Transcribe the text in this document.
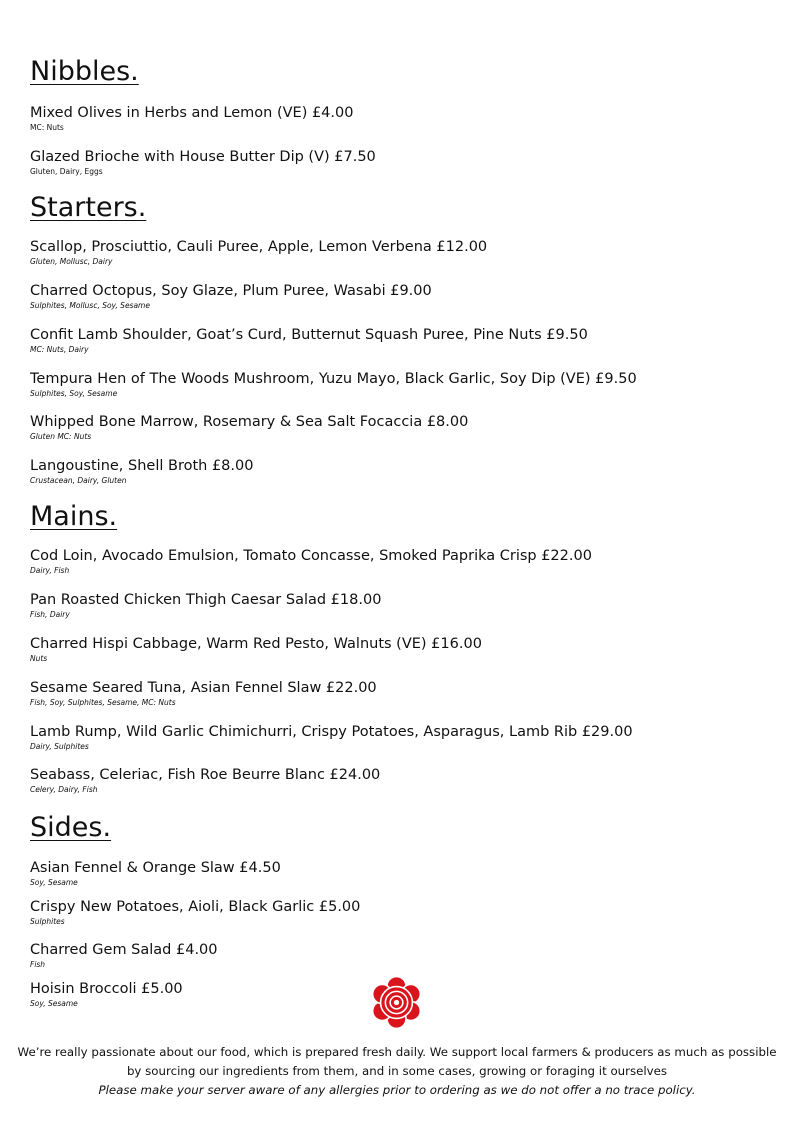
Nibbles.
Mixed Olives in Herbs and Lemon (VE) £4.00
MC: Nuts
Glazed Brioche with House Butter Dip (V) £7.50
Gluten, Dairy, Eggs
Starters.
Scallop, Prosciuttio, Cauli Puree, Apple, Lemon Verbena £12.00
Gluten, Mollusc, Dairy
Charred Octopus, Soy Glaze, Plum Puree, Wasabi £9.00
Sulphites, Mollusc, Soy, Sesame
Confit Lamb Shoulder, Goat’s Curd, Butternut Squash Puree, Pine Nuts £9.50
MC: Nuts, Dairy
Tempura Hen of The Woods Mushroom, Yuzu Mayo, Black Garlic, Soy Dip (VE) £9.50
Sulphites, Soy, Sesame
Whipped Bone Marrow, Rosemary & Sea Salt Focaccia £8.00
Gluten MC: Nuts
Langoustine, Shell Broth £8.00
Crustacean, Dairy, Gluten
Mains.
Cod Loin, Avocado Emulsion, Tomato Concasse, Smoked Paprika Crisp £22.00
Dairy, Fish
Pan Roasted Chicken Thigh Caesar Salad £18.00
Fish, Dairy
Charred Hispi Cabbage, Warm Red Pesto, Walnuts (VE) £16.00
Nuts
Sesame Seared Tuna, Asian Fennel Slaw £22.00
Fish, Soy, Sulphites, Sesame, MC: Nuts
Lamb Rump, Wild Garlic Chimichurri, Crispy Potatoes, Asparagus, Lamb Rib £29.00
Dairy, Sulphites
Seabass, Celeriac, Fish Roe Beurre Blanc £24.00
Celery, Dairy, Fish
Sides.
Asian Fennel & Orange Slaw £4.50
Soy, Sesame
Crispy New Potatoes, Aioli, Black Garlic £5.00
Sulphites
Charred Gem Salad £4.00
Fish
Hoisin Broccoli £5.00
Soy, Sesame

We’re really passionate about our food, which is prepared fresh daily. We support local farmers & producers as much as possible

by sourcing our ingredients from them, and in some cases, growing or foraging it ourselves

Please make your server aware of any allergies prior to ordering as we do not offer a no trace policy.
